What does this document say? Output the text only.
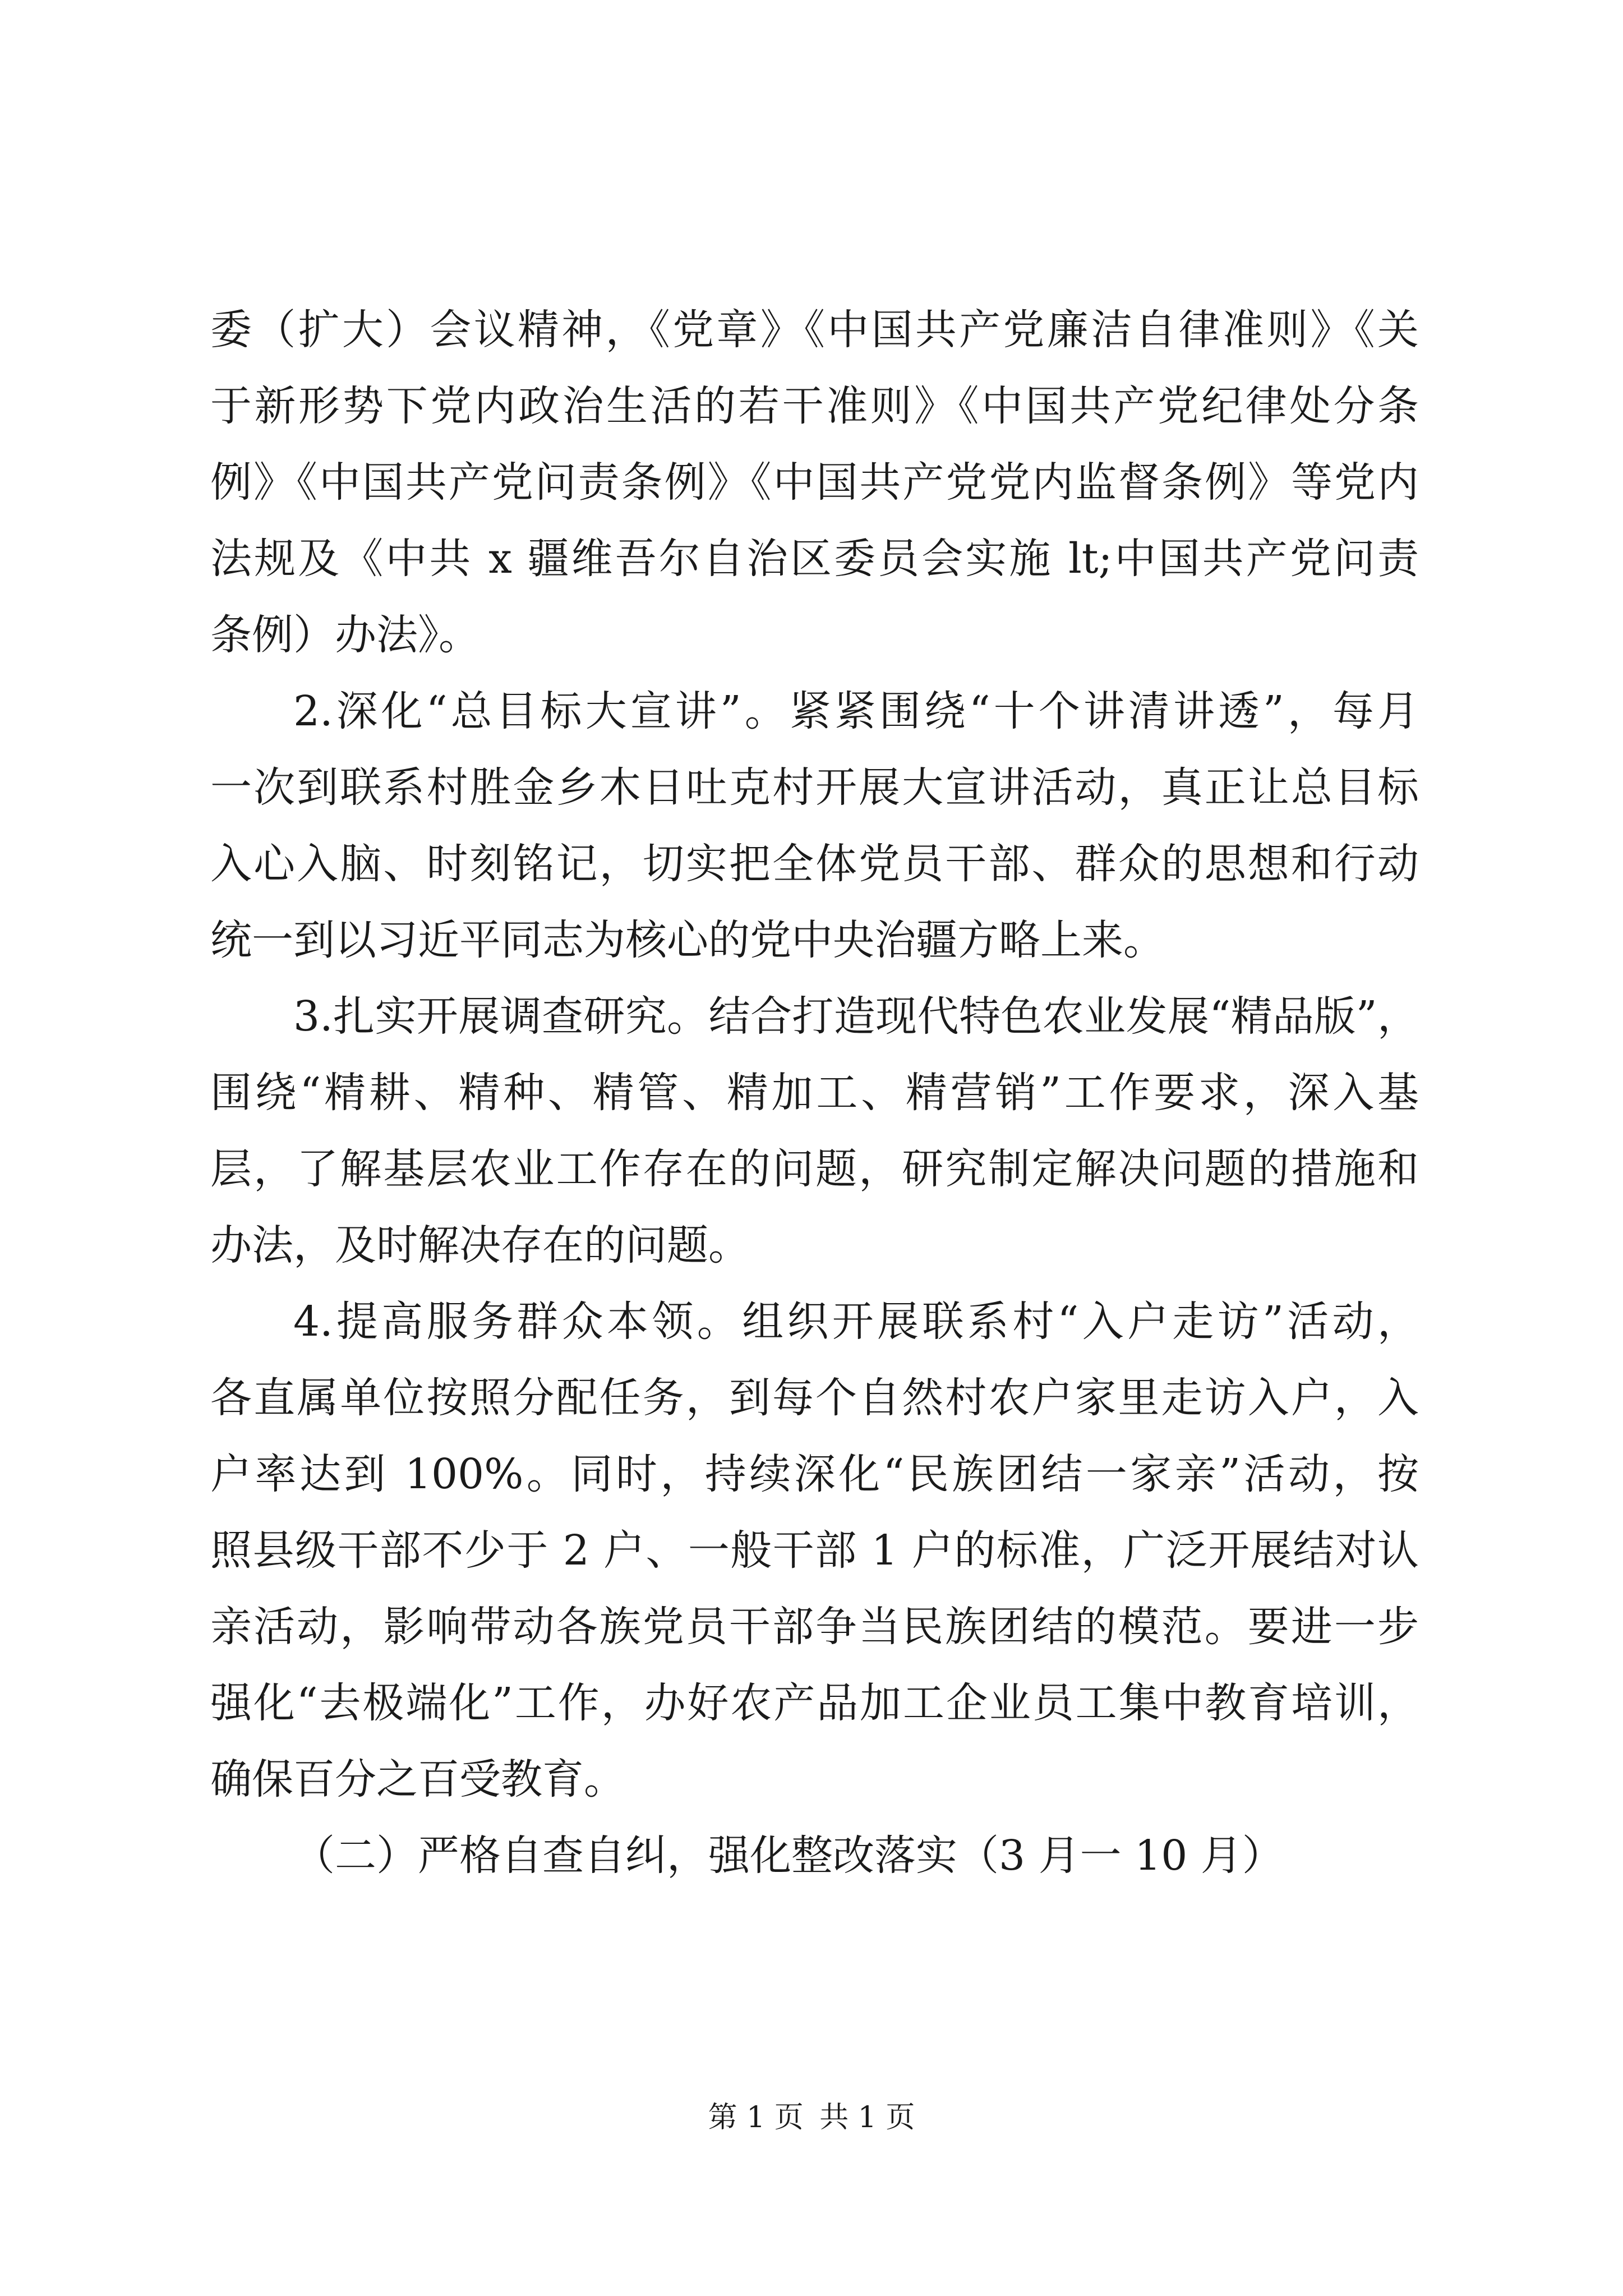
委（扩大）会议精神，《党章》《中国共产党廉洁自律准则》《关
于新形势下党内政治生活的若干准则》《中国共产党纪律处分条
例》《中国共产党问责条例》《中国共产党党内监督条例》等党内
法规及《中共 x 疆维吾尔自治区委员会实施 lt;中国共产党问责
条例）办法》。
2.深化“总目标大宣讲”。紧紧围绕“十个讲清讲透”，每月
一次到联系村胜金乡木日吐克村开展大宣讲活动，真正让总目标
入心入脑、时刻铭记，切实把全体党员干部、群众的思想和行动
统一到以习近平同志为核心的党中央治疆方略上来。
3.扎实开展调查研究。结合打造现代特色农业发展“精品版”，
围绕“精耕、精种、精管、精加工、精营销”工作要求，深入基
层，了解基层农业工作存在的问题，研究制定解决问题的措施和
办法，及时解决存在的问题。
4.提高服务群众本领。组织开展联系村“入户走访”活动，
各直属单位按照分配任务，到每个自然村农户家里走访入户，入
户率达到 100%。同时，持续深化“民族团结一家亲”活动，按
照县级干部不少于 2 户、一般干部 1 户的标准，广泛开展结对认
亲活动，影响带动各族党员干部争当民族团结的模范。要进一步
强化“去极端化”工作，办好农产品加工企业员工集中教育培训，
确保百分之百受教育。
（二）严格自查自纠，强化整改落实（3 月一 10 月）
第 1 页 共 1 页
